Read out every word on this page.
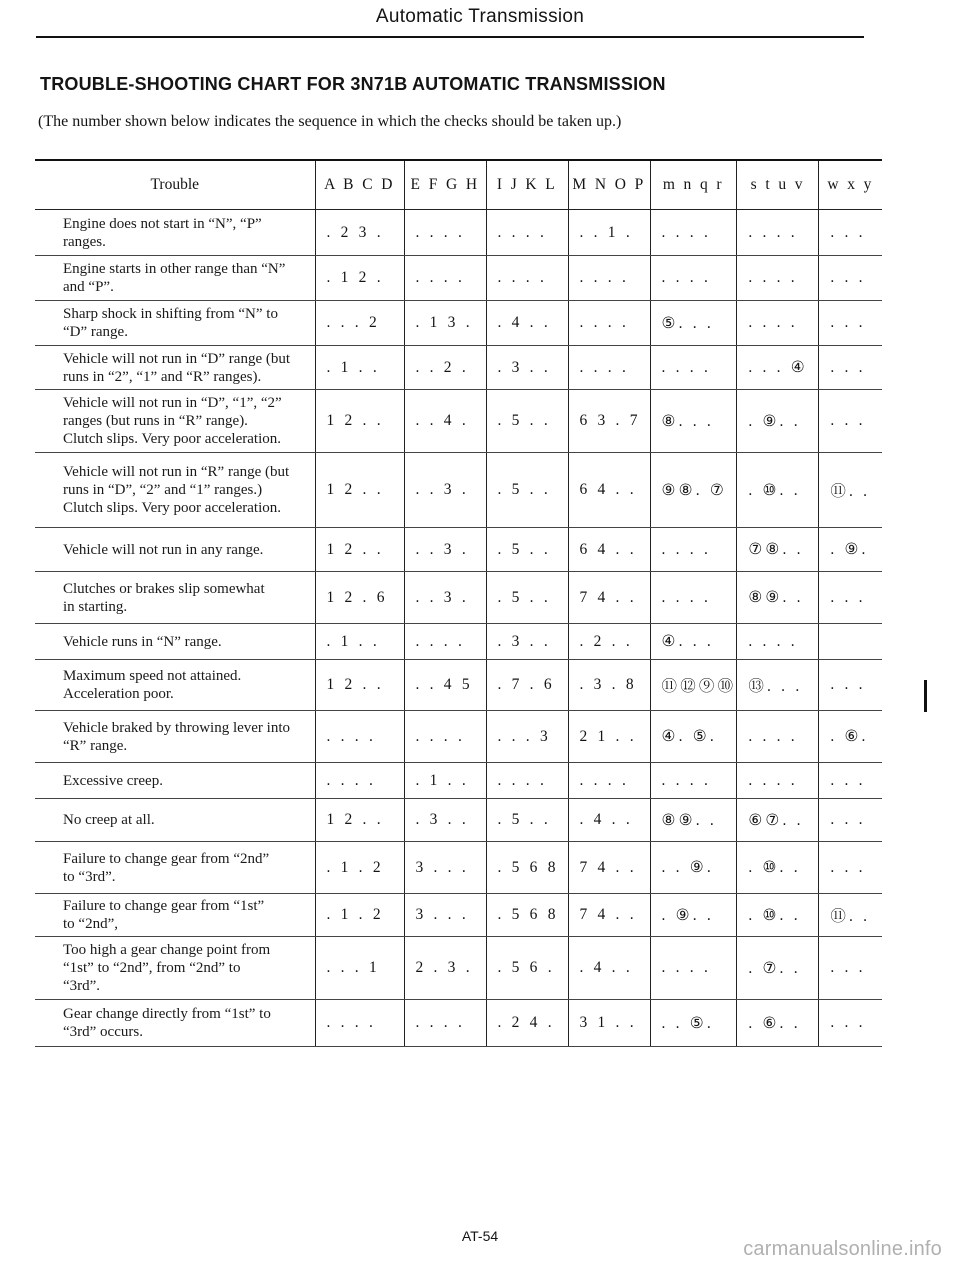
Automatic Transmission
TROUBLE-SHOOTING CHART FOR 3N71B AUTOMATIC TRANSMISSION
(The number shown below indicates the sequence in which the checks should be taken up.)
Trouble	A B C D	E F G H	I J K L	M N O P	m n q r	s t u v	w x y

Engine does not start in “N”, “P”
ranges.	. 2 3 .	. . . .	. . . .	. . 1 .	. . . .	. . . .	. . .

Engine starts in other range than “N”
and “P”.	. 1 2 .	. . . .	. . . .	. . . .	. . . .	. . . .	. . .

Sharp shock in shifting from “N” to
“D” range.	. . . 2	. 1 3 .	. 4 . .	. . . .	⑤. . .	. . . .	. . .

Vehicle will not run in “D” range (but
runs in “2”, “1” and “R” ranges).	. 1 . .	. . 2 .	. 3 . .	. . . .	. . . .	. . . ④	. . .

Vehicle will not run in “D”, “1”, “2”
ranges (but runs in “R” range).
Clutch slips. Very poor acceleration.	1 2 . .	. . 4 .	. 5 . .	6 3 . 7	⑧. . .	. ⑨. .	. . .

Vehicle will not run in “R” range (but
runs in “D”, “2” and “1” ranges.)
Clutch slips. Very poor acceleration.	1 2 . .	. . 3 .	. 5 . .	6 4 . .	⑨⑧. ⑦	. ⑩. .	⑪. .

Vehicle will not run in any range.	1 2 . .	. . 3 .	. 5 . .	6 4 . .	. . . .	⑦⑧. .	. ⑨.

Clutches or brakes slip somewhat
in starting.	1 2 . 6	. . 3 .	. 5 . .	7 4 . .	. . . .	⑧⑨. .	. . .

Vehicle runs in “N” range.	. 1 . .	. . . .	. 3 . .	. 2 . .	④. . .	. . . .	

Maximum speed not attained.
Acceleration poor.	1 2 . .	. . 4 5	. 7 . 6	. 3 . 8	⑪⑫⑨⑩	⑬. . .	. . .

Vehicle braked by throwing lever into
“R” range.	. . . .	. . . .	. . . 3	2 1 . .	④. ⑤.	. . . .	. ⑥.

Excessive creep.	. . . .	. 1 . .	. . . .	. . . .	. . . .	. . . .	. . .

No creep at all.	1 2 . .	. 3 . .	. 5 . .	. 4 . .	⑧⑨. .	⑥⑦. .	. . .

Failure to change gear from “2nd”
to “3rd”.	. 1 . 2	3 . . .	. 5 6 8	7 4 . .	. . ⑨.	. ⑩. .	. . .

Failure to change gear from “1st”
to “2nd”,	. 1 . 2	3 . . .	. 5 6 8	7 4 . .	. ⑨. .	. ⑩. .	⑪. .

Too high a gear change point from
“1st” to “2nd”, from “2nd” to
“3rd”.	. . . 1	2 . 3 .	. 5 6 .	. 4 . .	. . . .	. ⑦. .	. . .

Gear change directly from “1st” to
“3rd” occurs.	. . . .	. . . .	. 2 4 .	3 1 . .	. . ⑤.	. ⑥. .	. . .
AT-54
carmanualsonline.info
